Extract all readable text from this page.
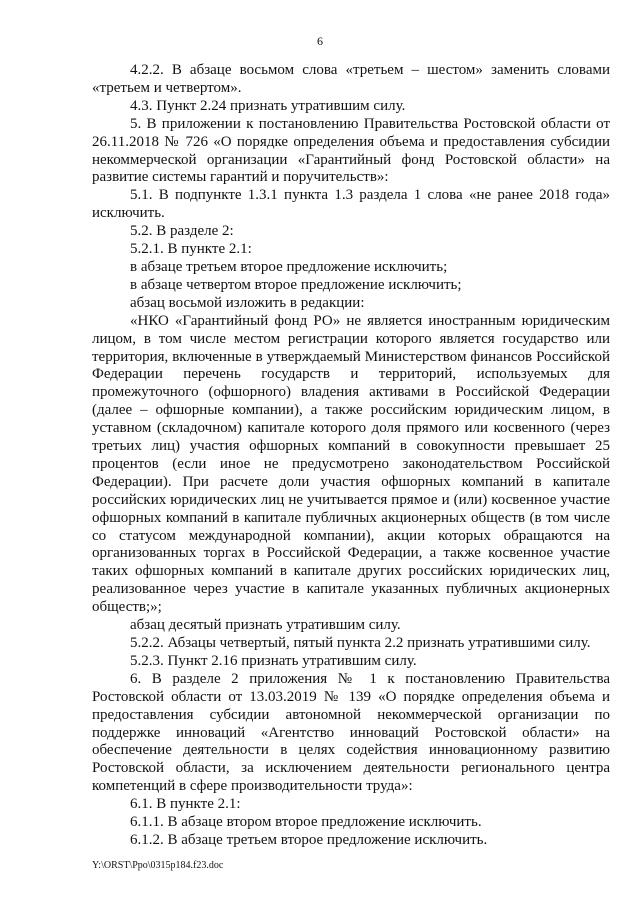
6

4.2.2. В абзаце восьмом слова «третьем – шестом» заменить словами «третьем и четвертом».

4.3. Пункт 2.24 признать утратившим силу.

5. В приложении к постановлению Правительства Ростовской области от 26.11.2018 № 726 «О порядке определения объема и предоставления субсидии некоммерческой организации «Гарантийный фонд Ростовской области» на развитие системы гарантий и поручительств»:

5.1. В подпункте 1.3.1 пункта 1.3 раздела 1 слова «не ранее 2018 года» исключить.

5.2. В разделе 2:

5.2.1. В пункте 2.1:

в абзаце третьем второе предложение исключить;

в абзаце четвертом второе предложение исключить;

абзац восьмой изложить в редакции:

«НКО «Гарантийный фонд РО» не является иностранным юридическим лицом, в том числе местом регистрации которого является государство или территория, включенные в утверждаемый Министерством финансов Российской Федерации перечень государств и территорий, используемых для промежуточного (офшорного) владения активами в Российской Федерации (далее – офшорные компании), а также российским юридическим лицом, в уставном (складочном) капитале которого доля прямого или косвенного (через третьих лиц) участия офшорных компаний в совокупности превышает 25 процентов (если иное не предусмотрено законодательством Российской Федерации). При расчете доли участия офшорных компаний в капитале российских юридических лиц не учитывается прямое и (или) косвенное участие офшорных компаний в капитале публичных акционерных обществ (в том числе со статусом международной компании), акции которых обращаются на организованных торгах в Российской Федерации, а также косвенное участие таких офшорных компаний в капитале других российских юридических лиц, реализованное через участие в капитале указанных публичных акционерных обществ;»;

абзац десятый признать утратившим силу.

5.2.2. Абзацы четвертый, пятый пункта 2.2 признать утратившими силу.

5.2.3. Пункт 2.16 признать утратившим силу.

6. В разделе 2 приложения № 1 к постановлению Правительства Ростовской области от 13.03.2019 № 139 «О порядке определения объема и предоставления субсидии автономной некоммерческой организации по поддержке инноваций «Агентство инноваций Ростовской области» на обеспечение деятельности в целях содействия инновационному развитию Ростовской области, за исключением деятельности регионального центра компетенций в сфере производительности труда»:

6.1. В пункте 2.1:

6.1.1. В абзаце втором второе предложение исключить.

6.1.2. В абзаце третьем второе предложение исключить.

Y:\ORST\Ppo\0315p184.f23.doc
